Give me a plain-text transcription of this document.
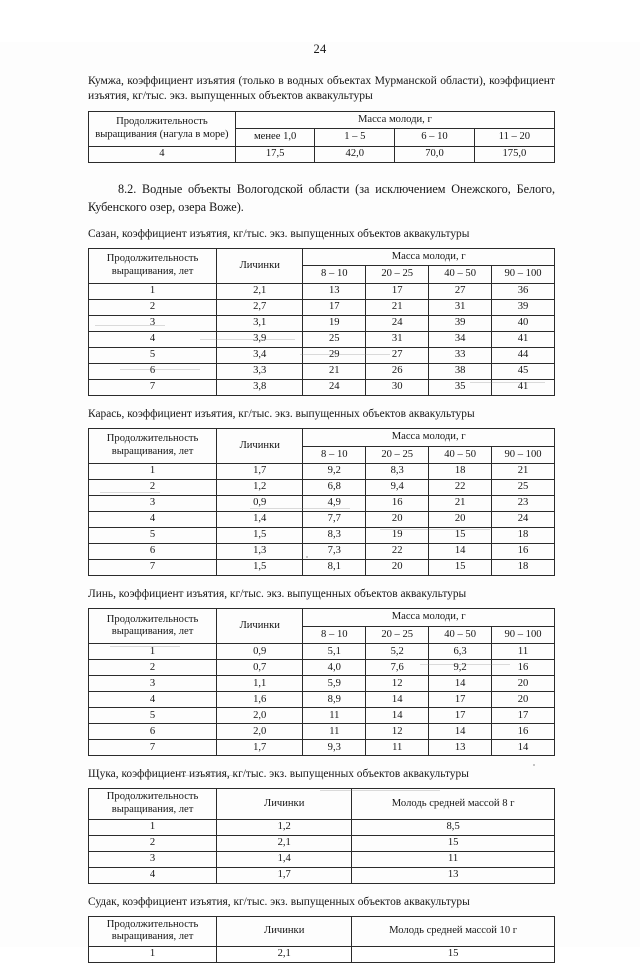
24

Кумжа, коэффициент изъятия (только в водных объектах Мурманской области), коэффициент изъятия, кг/тыс. экз. выпущенных объектов аквакультуры

Продолжительность выращивания (нагула в море)	Масса молоди, г			
	менее 1,0	1 – 5	6 – 10	11 – 20
4	17,5	42,0	70,0	175,0

8.2. Водные объекты Вологодской области (за исключением Онежского, Белого, Кубенского озер, озера Воже).

Сазан, коэффициент изъятия, кг/тыс. экз. выпущенных объектов аквакультуры

Продолжительность выращивания, лет	Личинки	Масса молоди, г			
		8 – 10	20 – 25	40 – 50	90 – 100
1	2,1	13	17	27	36
2	2,7	17	21	31	39
3	3,1	19	24	39	40
4	3,9	25	31	34	41
5	3,4	29	27	33	44
6	3,3	21	26	38	45
7	3,8	24	30	35	41

Карась, коэффициент изъятия, кг/тыс. экз. выпущенных объектов аквакультуры

Продолжительность выращивания, лет	Личинки	Масса молоди, г			
		8 – 10	20 – 25	40 – 50	90 – 100
1	1,7	9,2	8,3	18	21
2	1,2	6,8	9,4	22	25
3	0,9	4,9	16	21	23
4	1,4	7,7	20	20	24
5	1,5	8,3	19	15	18
6	1,3	7,3	22	14	16
7	1,5	8,1	20	15	18

Линь, коэффициент изъятия, кг/тыс. экз. выпущенных объектов аквакультуры

Продолжительность выращивания, лет	Личинки	Масса молоди, г			
		8 – 10	20 – 25	40 – 50	90 – 100
1	0,9	5,1	5,2	6,3	11
2	0,7	4,0	7,6	9,2	16
3	1,1	5,9	12	14	20
4	1,6	8,9	14	17	20
5	2,0	11	14	17	17
6	2,0	11	12	14	16
7	1,7	9,3	11	13	14

Щука, коэффициент изъятия, кг/тыс. экз. выпущенных объектов аквакультуры

Продолжительность выращивания, лет	Личинки	Молодь средней массой 8 г
1	1,2	8,5
2	2,1	15
3	1,4	11
4	1,7	13

Судак, коэффициент изъятия, кг/тыс. экз. выпущенных объектов аквакультуры

Продолжительность выращивания, лет	Личинки	Молодь средней массой 10 г
1	2,1	15
